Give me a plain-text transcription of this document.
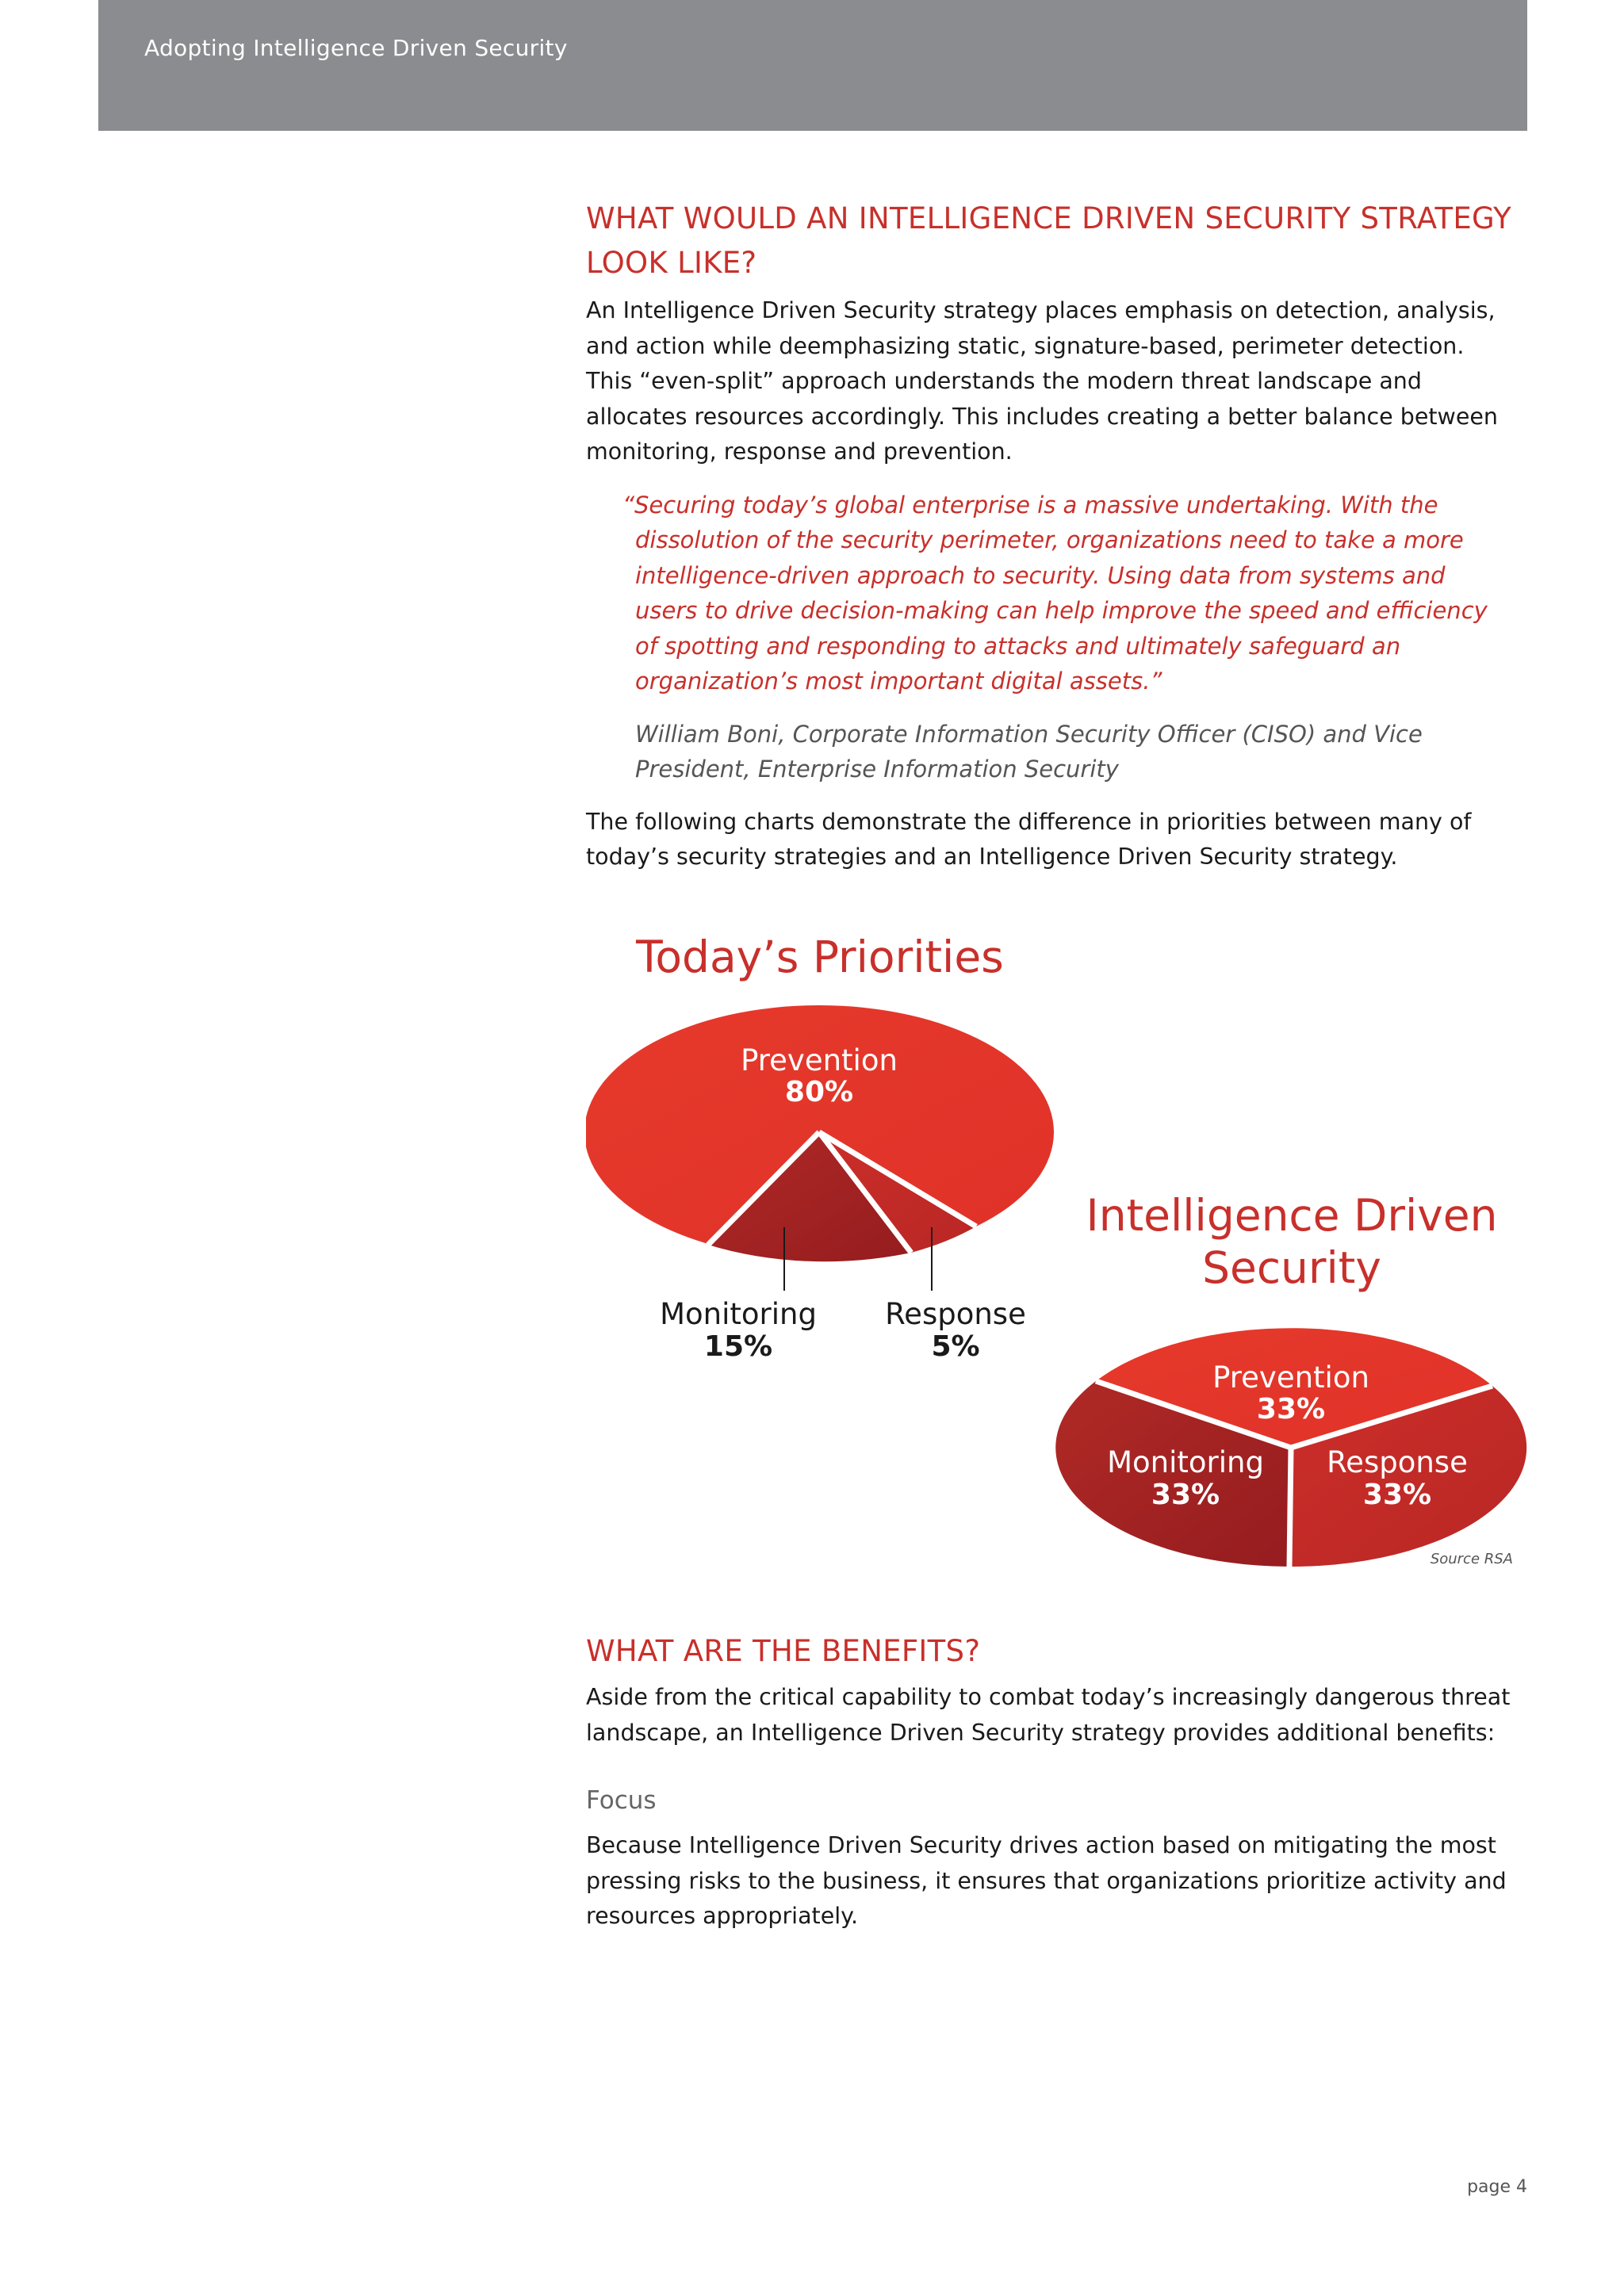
Adopting Intelligence Driven Security
WHAT WOULD AN INTELLIGENCE DRIVEN SECURITY STRATEGY
LOOK LIKE?

An Intelligence Driven Security strategy places emphasis on detection, analysis, and action while deemphasizing static, signature-based, perimeter detection. This “even-split” approach understands the modern threat landscape and allocates resources accordingly. This includes creating a better balance between monitoring, response and prevention.

“Securing today’s global enterprise is a massive undertaking. With the dissolution of the security perimeter, organizations need to take a more intelligence-driven approach to security. Using data from systems and users to drive decision-making can help improve the speed and efficiency of spotting and responding to attacks and ultimately safeguard an organization’s most important digital assets.”
William Boni, Corporate Information Security Officer (CISO) and Vice President, Enterprise Information Security

The following charts demonstrate the difference in priorities between many of today’s security strategies and an Intelligence Driven Security strategy.

Today’s Priorities
Prevention
80%
Monitoring
15%
Response
5%
Prevention
33%
Monitoring
33%
Response
33%
Intelligence Driven
Security
Source RSA
WHAT ARE THE BENEFITS?

Aside from the critical capability to combat today’s increasingly dangerous threat landscape, an Intelligence Driven Security strategy provides additional benefits:

Focus

Because Intelligence Driven Security drives action based on mitigating the most pressing risks to the business, it ensures that organizations prioritize activity and resources appropriately.

page 4
